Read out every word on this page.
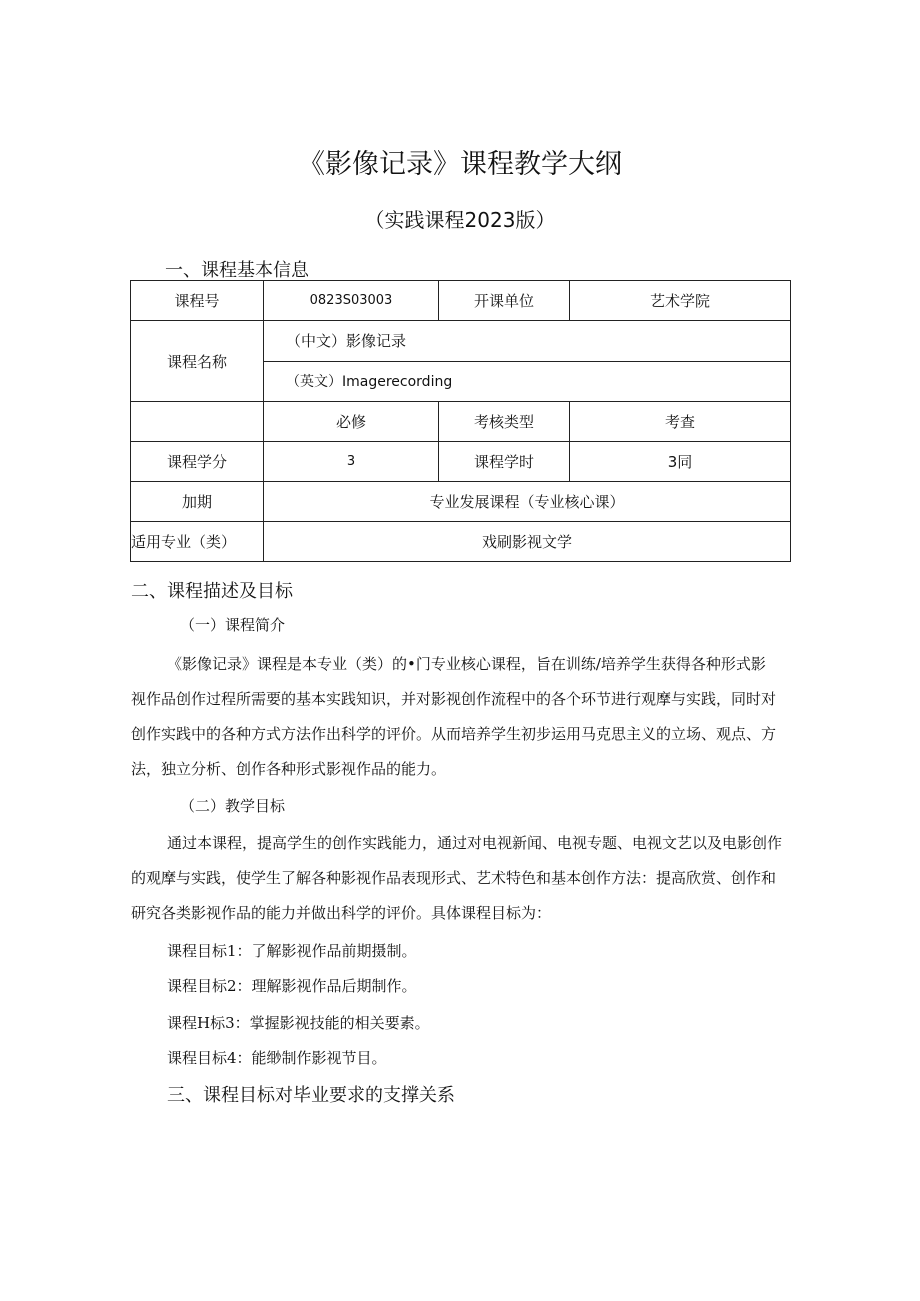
《影像记录》课程教学大纲
（实践课程2023版）
一、课程基本信息
课程号	0823S03003	开课单位	艺术学院
课程名称	（中文）影像记录		
	（英文）Imagerecording		
	必修	考核类型	考查
课程学分	3	课程学时	3同
加期	专业发展课程（专业核心课）		
适用专业（类）	戏刷影视文学		
二、课程描述及目标
（一）课程简介
《影像记录》课程是本专业（类）的•门专业核心课程，旨在训练/培养学生获得各种形式影
视作品创作过程所需要的基本实践知识，并对影视创作流程中的各个环节进行观摩与实践，同时对
创作实践中的各种方式方法作出科学的评价。从而培养学生初步运用马克思主义的立场、观点、方
法，独立分析、创作各种形式影视作品的能力。
（二）教学目标
通过本课程，提高学生的创作实践能力，通过对电视新闻、电视专题、电视文艺以及电影创作
的观摩与实践，使学生了解各种影视作品表现形式、艺术特色和基本创作方法：提高欣赏、创作和
研究各类影视作品的能力并做出科学的评价。具体课程目标为：
课程目标1：了解影视作品前期摄制。
课程目标2：理解影视作品后期制作。
课程H标3：掌握影视技能的相关要素。
课程目标4：能缈制作影视节目。
三、课程目标对毕业要求的支撑关系
